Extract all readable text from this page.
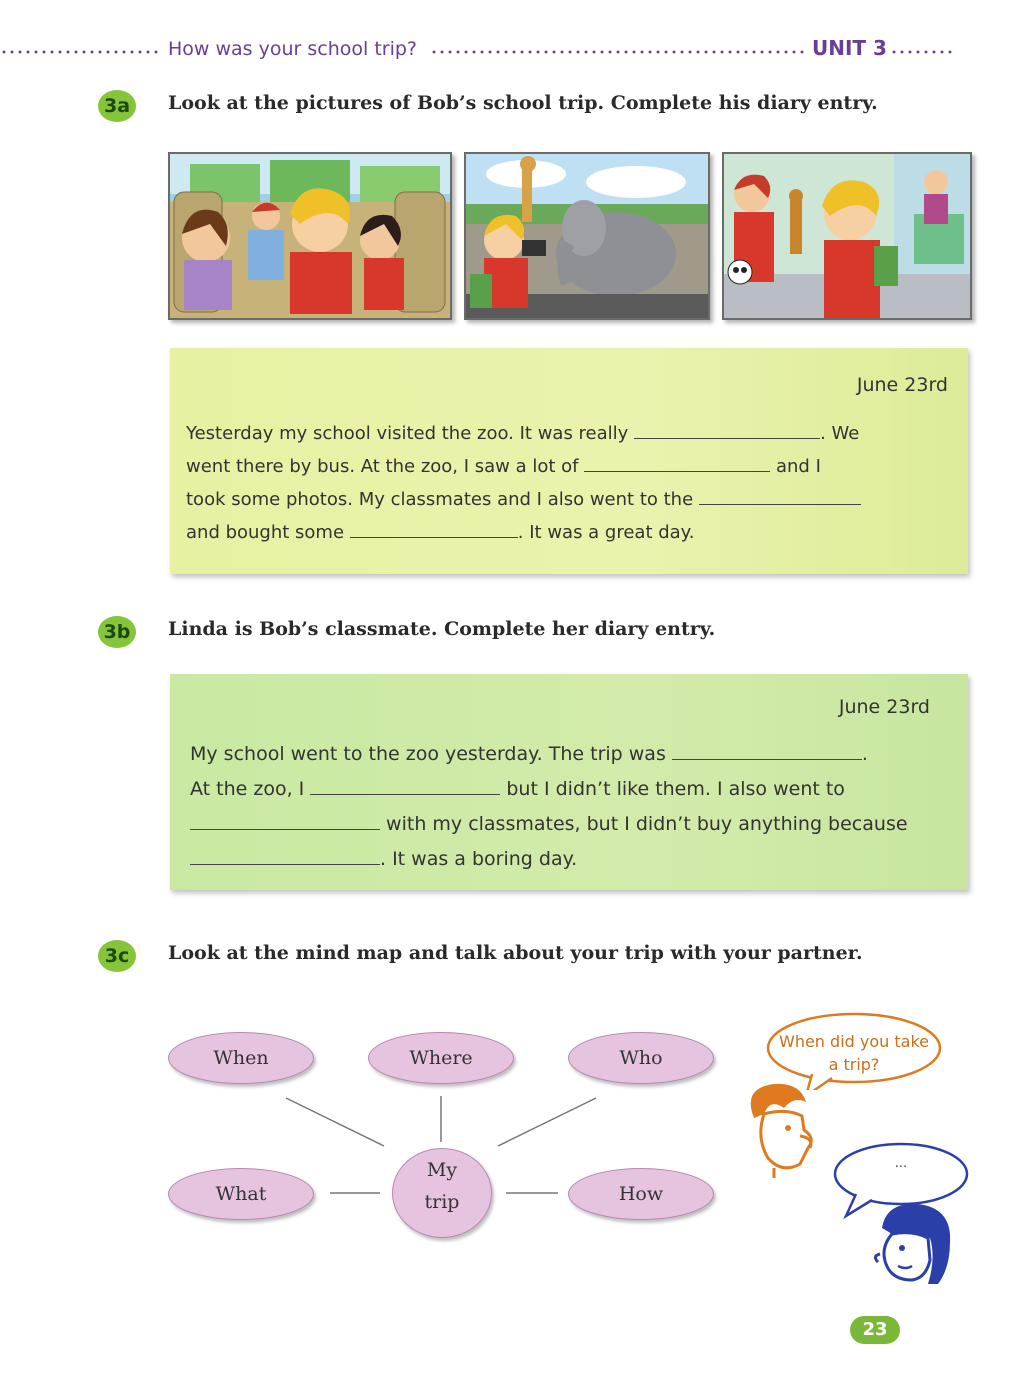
How was your school trip?	UNIT 3
3a	Look at the pictures of Bob’s school trip. Complete his diary entry.
June 23rd
Yesterday my school visited the zoo. It was really	. We
went there by bus. At the zoo, I saw a lot of	and I
took some photos. My classmates and I also went to the
and bought some	. It was a great day.
3b Linda is Bob’s classmate. Complete her diary entry.
June 23rd
My school went to the zoo yesterday. The trip was	.
At the zoo, I	but I didn’t like them. I also went to
with my classmates, but I didn’t buy anything because
. It was a boring day.
3c	Look at the mind map and talk about your trip with your partner.
When	Where	Who
What	How
My
trip
When did you take a trip?
...
23
